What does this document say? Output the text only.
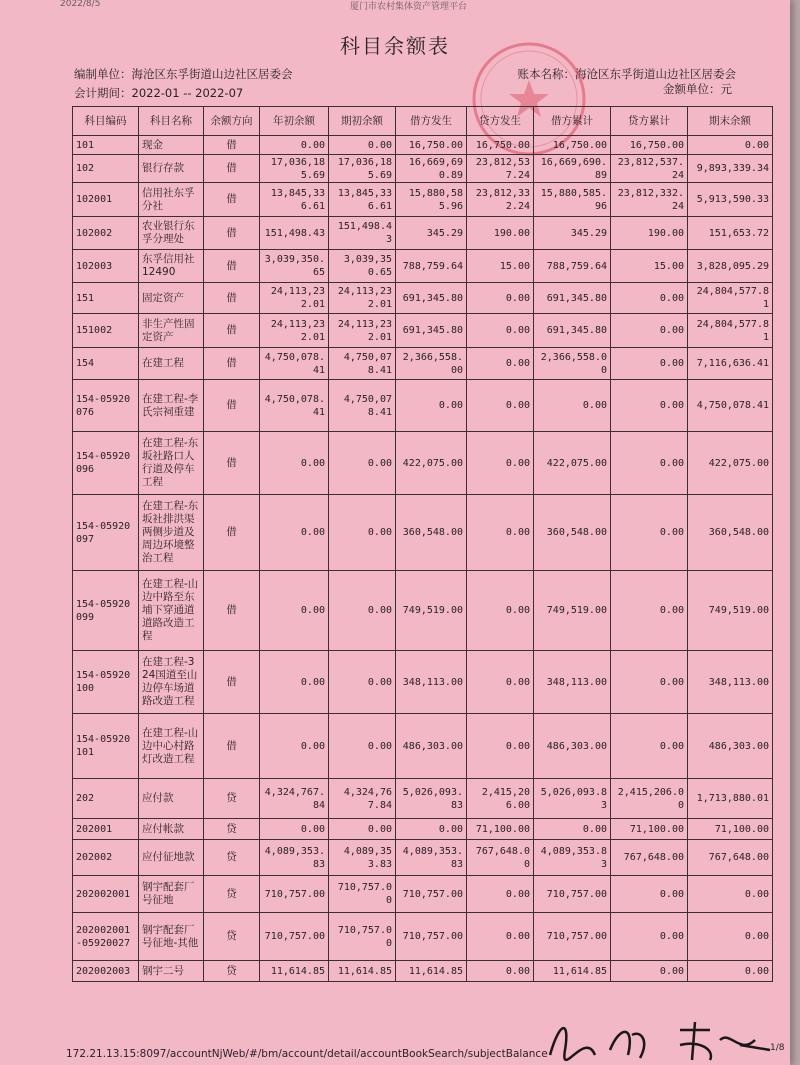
2022/8/5	厦门市农村集体资产管理平台
科目余额表
编制单位：海沧区东孚街道山边社区居委会
会计期间：2022-01 -- 2022-07
账本名称：海沧区东孚街道山边社区居委会
金额单位：元
科目编码	科目名称	余额方向	年初余额	期初余额	借方发生	贷方发生	借方累计	贷方累计	期末余额
101	现金	借	0.00	0.00	16,750.00	16,750.00	16,750.00	16,750.00	0.00
102	银行存款	借	17,036,185.69	17,036,185.69	16,669,690.89	23,812,537.24	16,669,690.89	23,812,537.24	9,893,339.34
102001	信用社东孚分社	借	13,845,336.61	13,845,336.61	15,880,585.96	23,812,332.24	15,880,585.96	23,812,332.24	5,913,590.33
102002	农业银行东孚分理处	借	151,498.43	151,498.43	345.29	190.00	345.29	190.00	151,653.72
102003	东孚信用社12490	借	3,039,350.65	3,039,350.65	788,759.64	15.00	788,759.64	15.00	3,828,095.29
151	固定资产	借	24,113,232.01	24,113,232.01	691,345.80	0.00	691,345.80	0.00	24,804,577.81
151002	非生产性固定资产	借	24,113,232.01	24,113,232.01	691,345.80	0.00	691,345.80	0.00	24,804,577.81
154	在建工程	借	4,750,078.41	4,750,078.41	2,366,558.00	0.00	2,366,558.00	0.00	7,116,636.41
154-05920076	在建工程-李氏宗祠重建	借	4,750,078.41	4,750,078.41	0.00	0.00	0.00	0.00	4,750,078.41
154-05920096	在建工程-东坂社路口人行道及停车工程	借	0.00	0.00	422,075.00	0.00	422,075.00	0.00	422,075.00
154-05920097	在建工程-东坂社排洪渠两侧步道及周边环境整治工程	借	0.00	0.00	360,548.00	0.00	360,548.00	0.00	360,548.00
154-05920099	在建工程-山边中路至东埔下穿通道道路改造工程	借	0.00	0.00	749,519.00	0.00	749,519.00	0.00	749,519.00
154-05920100	在建工程-324国道至山边停车场道路改造工程	借	0.00	0.00	348,113.00	0.00	348,113.00	0.00	348,113.00
154-05920101	在建工程-山边中心村路灯改造工程	借	0.00	0.00	486,303.00	0.00	486,303.00	0.00	486,303.00
202	应付款	贷	4,324,767.84	4,324,767.84	5,026,093.83	2,415,206.00	5,026,093.83	2,415,206.00	1,713,880.01
202001	应付帐款	贷	0.00	0.00	0.00	71,100.00	0.00	71,100.00	71,100.00
202002	应付征地款	贷	4,089,353.83	4,089,353.83	4,089,353.83	767,648.00	4,089,353.83	767,648.00	767,648.00
202002001	钢宇配套厂号征地	贷	710,757.00	710,757.00	710,757.00	0.00	710,757.00	0.00	0.00
202002001-05920027	钢宇配套厂号征地-其他	贷	710,757.00	710,757.00	710,757.00	0.00	710,757.00	0.00	0.00
202002003	钢宇二号	贷	11,614.85	11,614.85	11,614.85	0.00	11,614.85	0.00	0.00
172.21.13.15:8097/accountNjWeb/#/bm/account/detail/accountBookSearch/subjectBalance	1/8
